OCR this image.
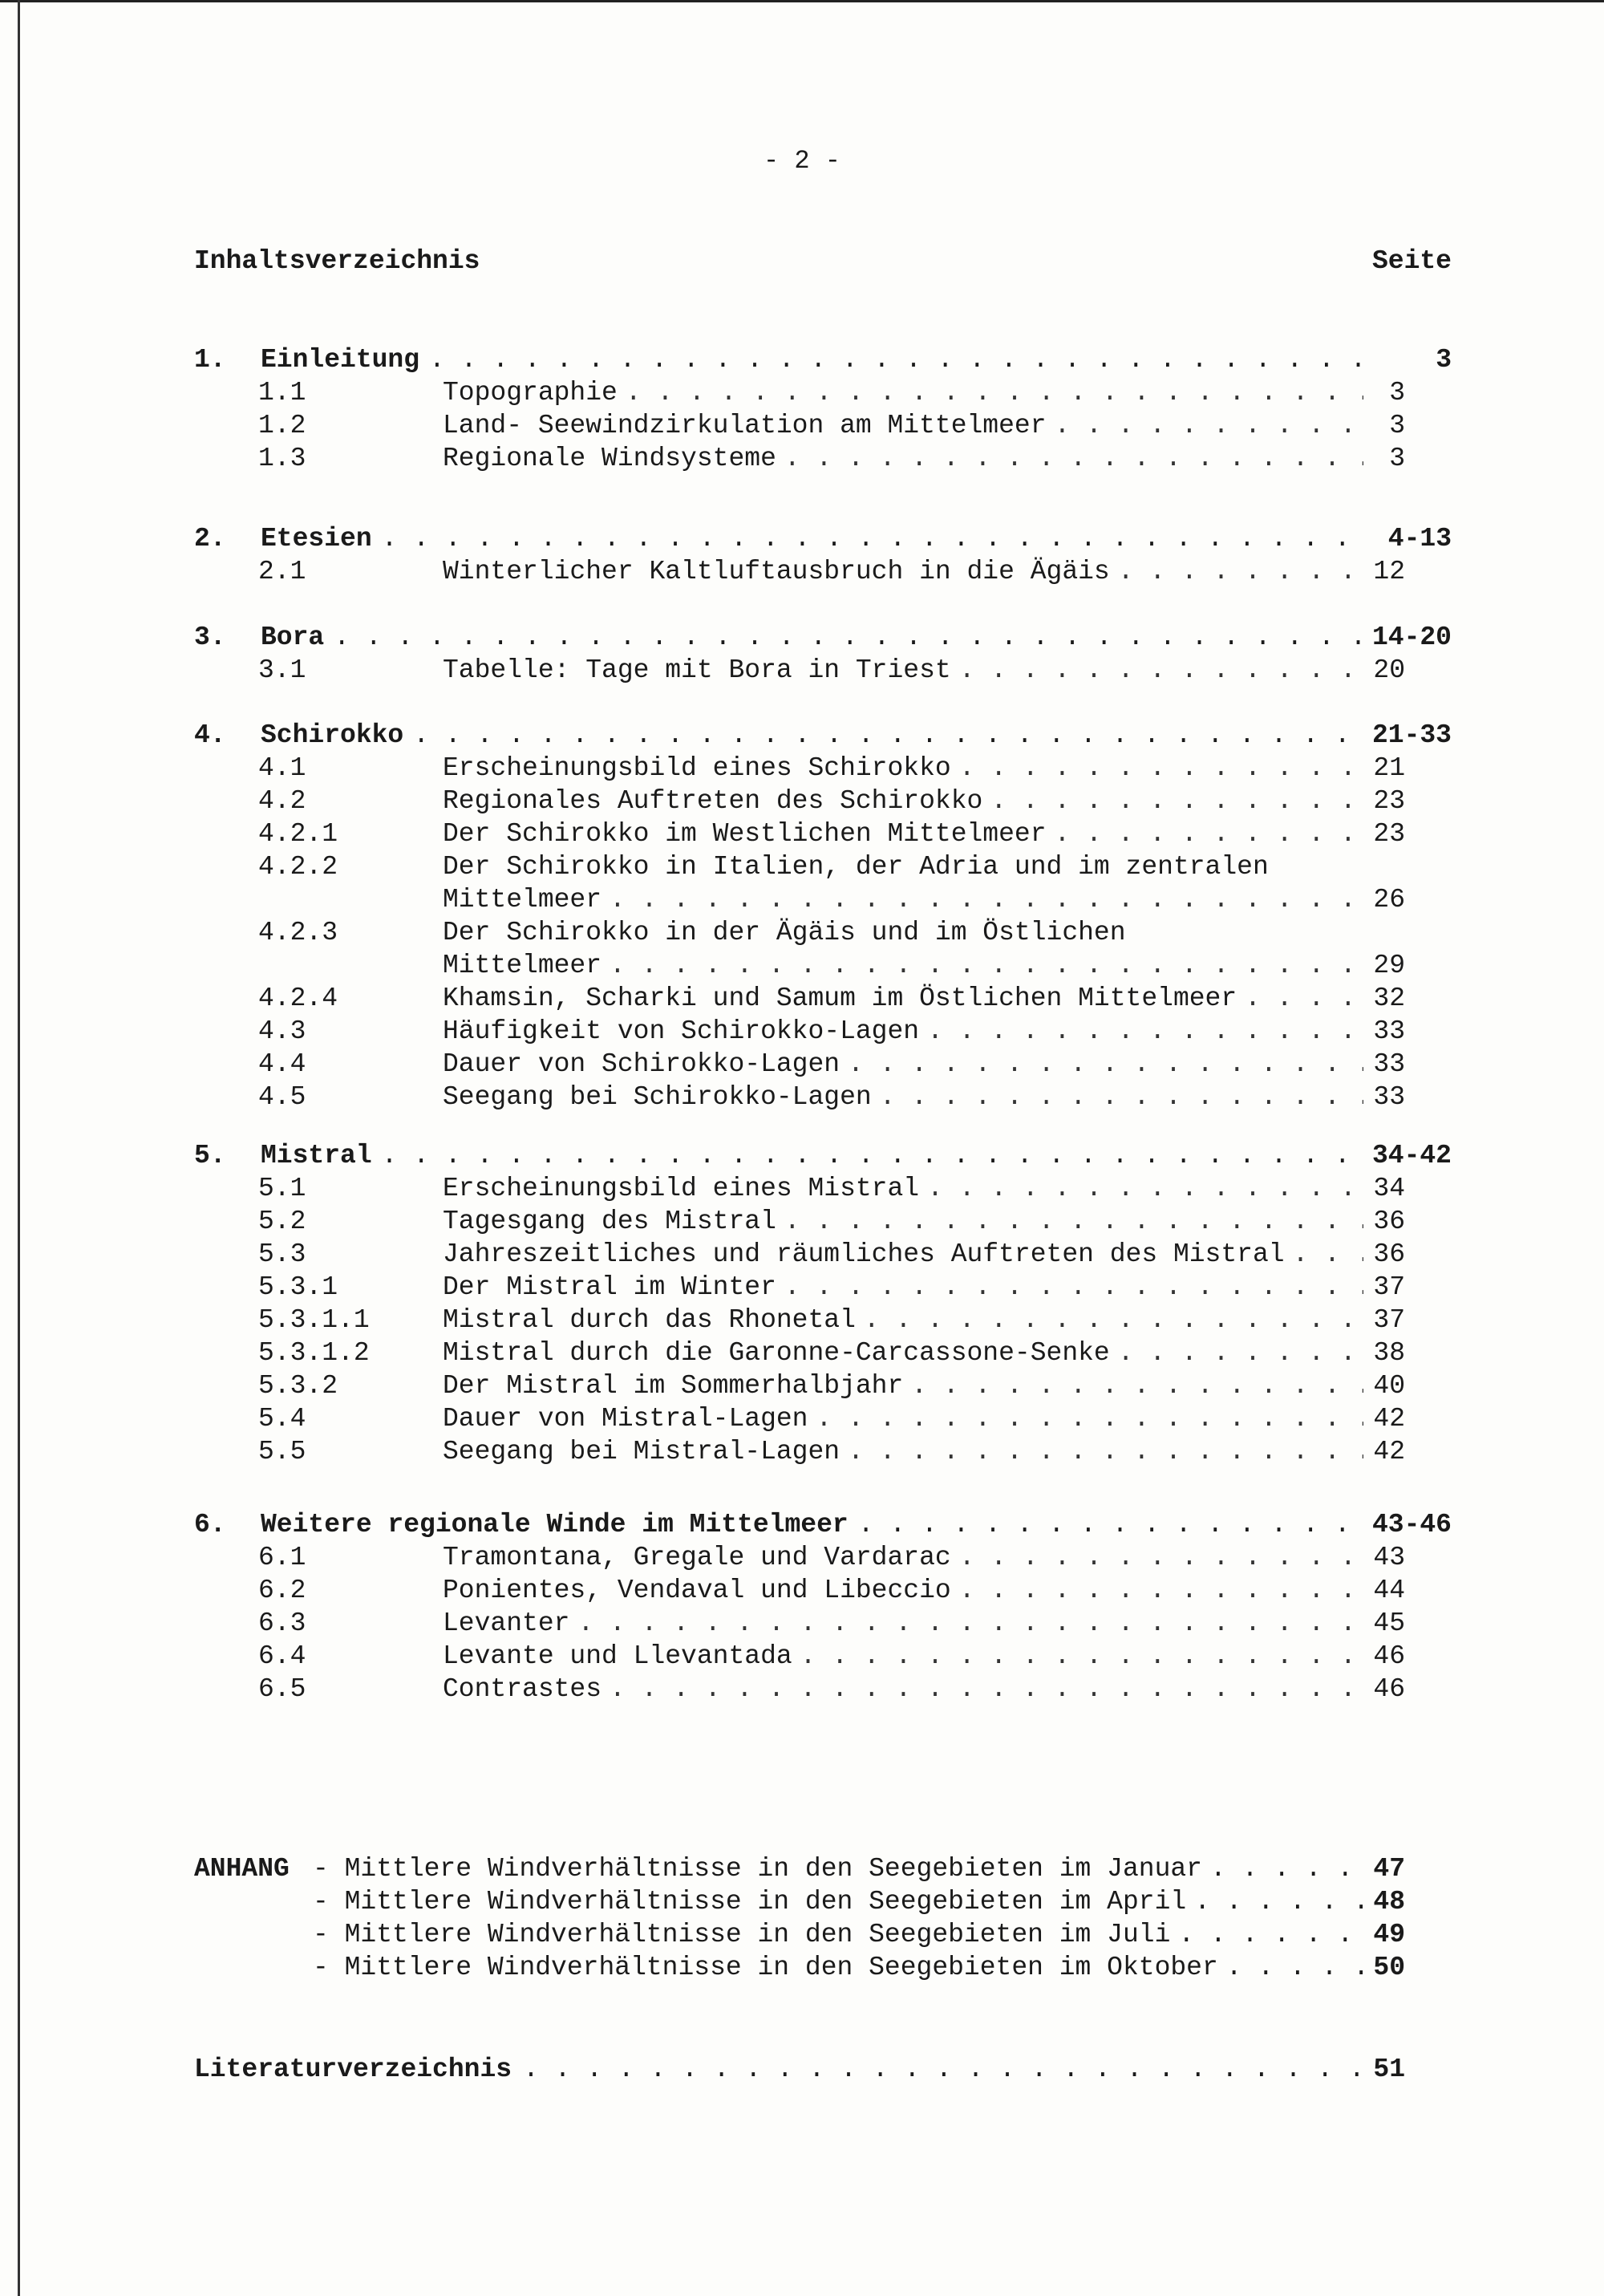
- 2 -
Inhaltsverzeichnis	Seite
1. Einleitung . . .	3
1.1	Topographie . . .	3
1.2	Land- Seewindzirkulation am Mittelmeer . . .	3
1.3	Regionale Windsysteme . . .	3
2. Etesien . . .	4-13
2.1	Winterlicher Kaltluftausbruch in die Ägäis . . .	12
3. Bora . . .	14-20
3.1	Tabelle: Tage mit Bora in Triest . . .	20
4. Schirokko . . .	21-33
4.1	Erscheinungsbild eines Schirokko . . .	21
4.2	Regionales Auftreten des Schirokko . . .	23
4.2.1	Der Schirokko im Westlichen Mittelmeer . . .	23
4.2.2	Der Schirokko in Italien, der Adria und im zentralen
Mittelmeer . . .	26
4.2.3	Der Schirokko in der Ägäis und im Östlichen
Mittelmeer . . .	29
4.2.4	Khamsin, Scharki und Samum im Östlichen Mittelmeer . . .	32
4.3	Häufigkeit von Schirokko-Lagen . . .	33
4.4	Dauer von Schirokko-Lagen . . .	33
4.5	Seegang bei Schirokko-Lagen . . .	33
5. Mistral . . .	34-42
5.1	Erscheinungsbild eines Mistral . . .	34
5.2	Tagesgang des Mistral . . .	36
5.3	Jahreszeitliches und räumliches Auftreten des Mistral . . .	36
5.3.1	Der Mistral im Winter . . .	37
5.3.1.1	Mistral durch das Rhonetal . . .	37
5.3.1.2	Mistral durch die Garonne-Carcassone-Senke . . .	38
5.3.2	Der Mistral im Sommerhalbjahr . . .	40
5.4	Dauer von Mistral-Lagen . . .	42
5.5	Seegang bei Mistral-Lagen . . .	42
6. Weitere regionale Winde im Mittelmeer . . .	43-46
6.1	Tramontana, Gregale und Vardarac . . .	43
6.2	Ponientes, Vendaval und Libeccio . . .	44
6.3	Levanter . . .	45
6.4	Levante und Llevantada . . .	46
6.5	Contrastes . . .	46
ANHANG - Mittlere Windverhältnisse in den Seegebieten im Januar . . .	47
- Mittlere Windverhältnisse in den Seegebieten im April . . .	48
- Mittlere Windverhältnisse in den Seegebieten im Juli . . .	49
- Mittlere Windverhältnisse in den Seegebieten im Oktober . . .	50
Literaturverzeichnis . . .	51
